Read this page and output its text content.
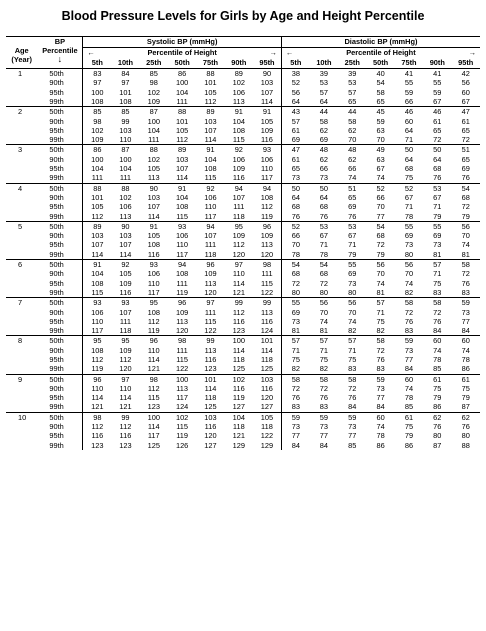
Blood Pressure Levels for Girls by Age and Height Percentile
Age
(Year)	BP
Percentile

↓	Systolic BP (mmHg)							Diastolic BP (mmHg)						

		← Percentile of Height →							← Percentile of Height →						

		5th	10th	25th	50th	75th	90th	95th	5th	10th	25th	50th	75th	90th	95th
1	50th	83	84	85	86	88	89	90	38	39	39	40	41	41	42
	90th	97	97	98	100	101	102	103	52	53	53	54	55	55	56
	95th	100	101	102	104	105	106	107	56	57	57	58	59	59	60
	99th	108	108	109	111	112	113	114	64	64	65	65	66	67	67
2	50th	85	85	87	88	89	91	91	43	44	44	45	46	46	47
	90th	98	99	100	101	103	104	105	57	58	58	59	60	61	61
	95th	102	103	104	105	107	108	109	61	62	62	63	64	65	65
	99th	109	110	111	112	114	115	116	69	69	70	70	71	72	72
3	50th	86	87	88	89	91	92	93	47	48	48	49	50	50	51
	90th	100	100	102	103	104	106	106	61	62	62	63	64	64	65
	95th	104	104	105	107	108	109	110	65	66	66	67	68	68	69
	99th	111	111	113	114	115	116	117	73	73	74	74	75	76	76
4	50th	88	88	90	91	92	94	94	50	50	51	52	52	53	54
	90th	101	102	103	104	106	107	108	64	64	65	66	67	67	68
	95th	105	106	107	108	110	111	112	68	68	69	70	71	71	72
	99th	112	113	114	115	117	118	119	76	76	76	77	78	79	79
5	50th	89	90	91	93	94	95	96	52	53	53	54	55	55	56
	90th	103	103	105	106	107	109	109	66	67	67	68	69	69	70
	95th	107	107	108	110	111	112	113	70	71	71	72	73	73	74
	99th	114	114	116	117	118	120	120	78	78	79	79	80	81	81
6	50th	91	92	93	94	96	97	98	54	54	55	56	56	57	58
	90th	104	105	106	108	109	110	111	68	68	69	70	70	71	72
	95th	108	109	110	111	113	114	115	72	72	73	74	74	75	76
	99th	115	116	117	119	120	121	122	80	80	80	81	82	83	83
7	50th	93	93	95	96	97	99	99	55	56	56	57	58	58	59
	90th	106	107	108	109	111	112	113	69	70	70	71	72	72	73
	95th	110	111	112	113	115	116	116	73	74	74	75	76	76	77
	99th	117	118	119	120	122	123	124	81	81	82	82	83	84	84
8	50th	95	95	96	98	99	100	101	57	57	57	58	59	60	60
	90th	108	109	110	111	113	114	114	71	71	71	72	73	74	74
	95th	112	112	114	115	116	118	118	75	75	75	76	77	78	78
	99th	119	120	121	122	123	125	125	82	82	83	83	84	85	86
9	50th	96	97	98	100	101	102	103	58	58	58	59	60	61	61
	90th	110	110	112	113	114	116	116	72	72	72	73	74	75	75
	95th	114	114	115	117	118	119	120	76	76	76	77	78	79	79
	99th	121	121	123	124	125	127	127	83	83	84	84	85	86	87
10	50th	98	99	100	102	103	104	105	59	59	59	60	61	62	62
	90th	112	112	114	115	116	118	118	73	73	73	74	75	76	76
	95th	116	116	117	119	120	121	122	77	77	77	78	79	80	80
	99th	123	123	125	126	127	129	129	84	84	85	86	86	87	88
